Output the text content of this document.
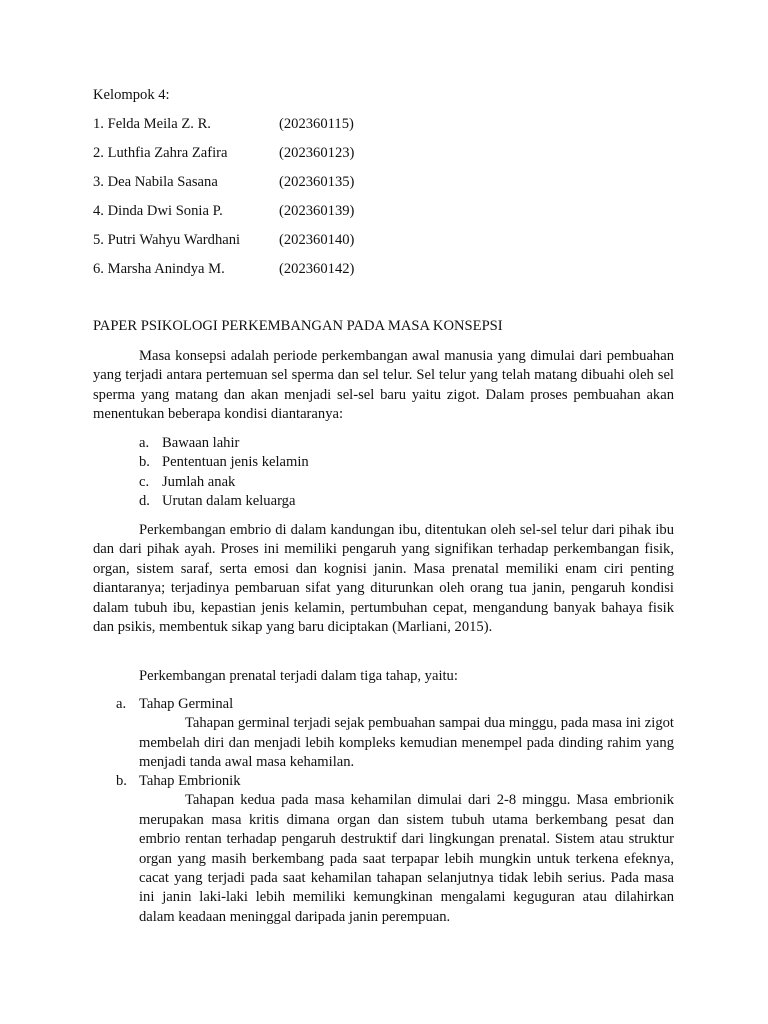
Kelompok 4:
1. Felda Meila Z. R.	(202360115)
2. Luthfia Zahra Zafira	(202360123)
3. Dea Nabila Sasana	(202360135)
4. Dinda Dwi Sonia P.	(202360139)
5. Putri Wahyu Wardhani	(202360140)
6. Marsha Anindya M.	(202360142)
PAPER PSIKOLOGI PERKEMBANGAN PADA MASA KONSEPSI

Masa konsepsi adalah periode perkembangan awal manusia yang dimulai dari pembuahan yang terjadi antara pertemuan sel sperma dan sel telur. Sel telur yang telah matang dibuahi oleh sel sperma yang matang dan akan menjadi sel-sel baru yaitu zigot. Dalam proses pembuahan akan menentukan beberapa kondisi diantaranya:

a. Bawaan lahir
b. Pententuan jenis kelamin
c. Jumlah anak
d. Urutan dalam keluarga

Perkembangan embrio di dalam kandungan ibu, ditentukan oleh sel-sel telur dari pihak ibu dan dari pihak ayah. Proses ini memiliki pengaruh yang signifikan terhadap perkembangan fisik, organ, sistem saraf, serta emosi dan kognisi janin. Masa prenatal memiliki enam ciri penting diantaranya; terjadinya pembaruan sifat yang diturunkan oleh orang tua janin, pengaruh kondisi dalam tubuh ibu, kepastian jenis kelamin, pertumbuhan cepat, mengandung banyak bahaya fisik dan psikis, membentuk sikap yang baru diciptakan (Marliani, 2015).

Perkembangan prenatal terjadi dalam tiga tahap, yaitu:

a. Tahap Germinal

Tahapan germinal terjadi sejak pembuahan sampai dua minggu, pada masa ini zigot membelah diri dan menjadi lebih kompleks kemudian menempel pada dinding rahim yang menjadi tanda awal masa kehamilan.

b. Tahap Embrionik

Tahapan kedua pada masa kehamilan dimulai dari 2-8 minggu. Masa embrionik merupakan masa kritis dimana organ dan sistem tubuh utama berkembang pesat dan embrio rentan terhadap pengaruh destruktif dari lingkungan prenatal. Sistem atau struktur organ yang masih berkembang pada saat terpapar lebih mungkin untuk terkena efeknya, cacat yang terjadi pada saat kehamilan tahapan selanjutnya tidak lebih serius. Pada masa ini janin laki-laki lebih memiliki kemungkinan mengalami keguguran atau dilahirkan dalam keadaan meninggal daripada janin perempuan.
